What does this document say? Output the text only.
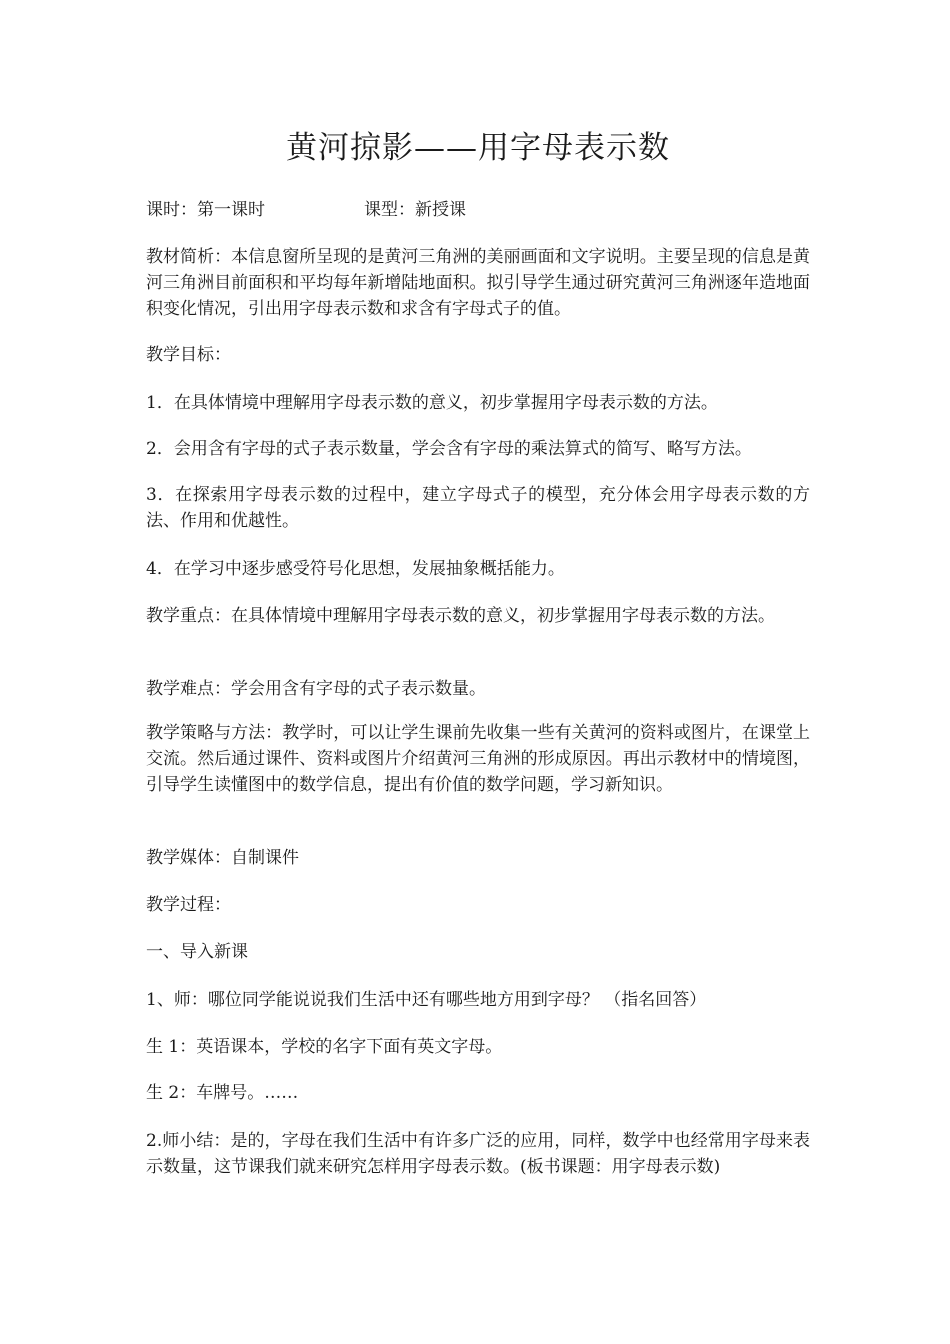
黄河掠影——用字母表示数
课时：第一课时	课型：新授课

教材简析：本信息窗所呈现的是黄河三角洲的美丽画面和文字说明。主要呈现的信息是黄河三角洲目前面积和平均每年新增陆地面积。拟引导学生通过研究黄河三角洲逐年造地面积变化情况，引出用字母表示数和求含有字母式子的值。

教学目标：

1．在具体情境中理解用字母表示数的意义，初步掌握用字母表示数的方法。

2．会用含有字母的式子表示数量，学会含有字母的乘法算式的简写、略写方法。

3．在探索用字母表示数的过程中，建立字母式子的模型，充分体会用字母表示数的方法、作用和优越性。

4．在学习中逐步感受符号化思想，发展抽象概括能力。

教学重点：在具体情境中理解用字母表示数的意义，初步掌握用字母表示数的方法。

教学难点：学会用含有字母的式子表示数量。

教学策略与方法：教学时，可以让学生课前先收集一些有关黄河的资料或图片，在课堂上交流。然后通过课件、资料或图片介绍黄河三角洲的形成原因。再出示教材中的情境图，引导学生读懂图中的数学信息，提出有价值的数学问题，学习新知识。

教学媒体：自制课件

教学过程：

一、导入新课

1、师：哪位同学能说说我们生活中还有哪些地方用到字母？ （指名回答）

生 1：英语课本，学校的名字下面有英文字母。

生 2：车牌号。……

2.师小结：是的，字母在我们生活中有许多广泛的应用，同样，数学中也经常用字母来表示数量，这节课我们就来研究怎样用字母表示数。(板书课题：用字母表示数)
